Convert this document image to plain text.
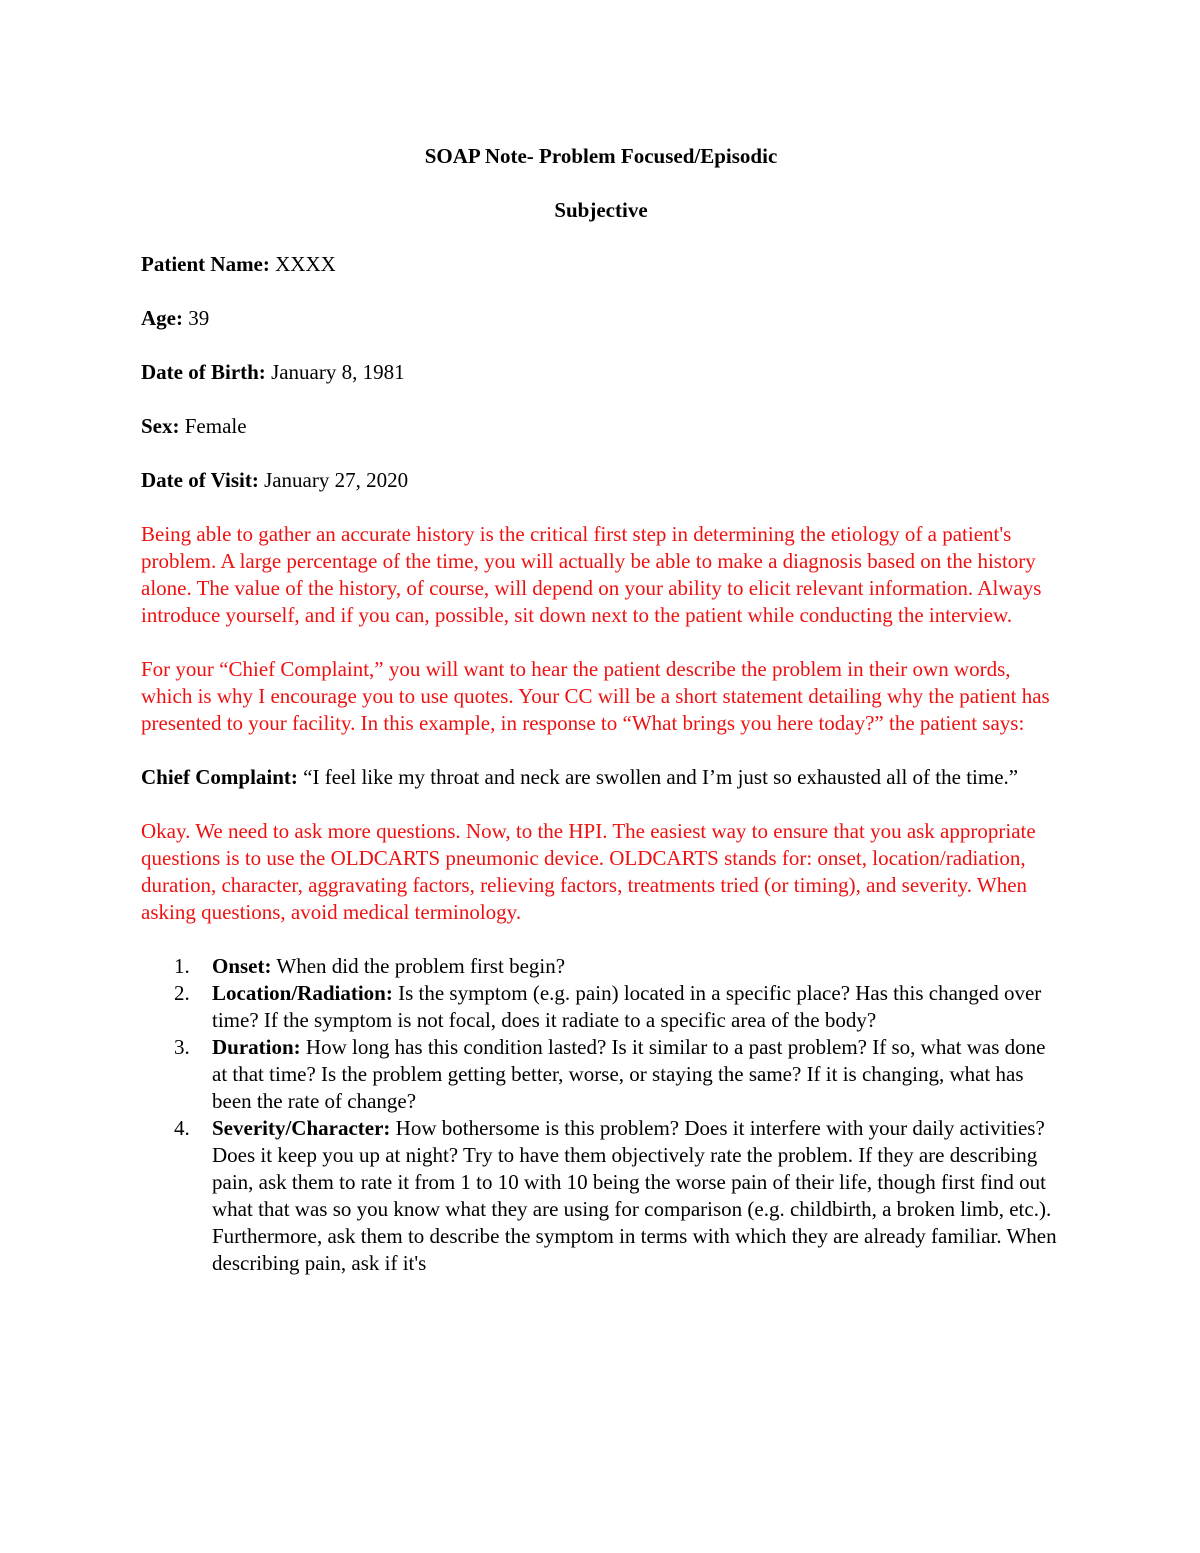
SOAP Note- Problem Focused/Episodic
Subjective
Patient Name: XXXX
Age: 39
Date of Birth: January 8, 1981
Sex: Female
Date of Visit: January 27, 2020
Being able to gather an accurate history is the critical first step in determining the etiology of a patient's problem. A large percentage of the time, you will actually be able to make a diagnosis based on the history alone. The value of the history, of course, will depend on your ability to elicit relevant information. Always introduce yourself, and if you can, possible, sit down next to the patient while conducting the interview.
For your “Chief Complaint,” you will want to hear the patient describe the problem in their own words, which is why I encourage you to use quotes. Your CC will be a short statement detailing why the patient has presented to your facility. In this example, in response to “What brings you here today?” the patient says:
Chief Complaint: “I feel like my throat and neck are swollen and I’m just so exhausted all of the time.”
Okay. We need to ask more questions. Now, to the HPI. The easiest way to ensure that you ask appropriate questions is to use the OLDCARTS pneumonic device. OLDCARTS stands for: onset, location/radiation, duration, character, aggravating factors, relieving factors, treatments tried (or timing), and severity. When asking questions, avoid medical terminology.
1. Onset: When did the problem first begin?
2. Location/Radiation: Is the symptom (e.g. pain) located in a specific place? Has this changed over time? If the symptom is not focal, does it radiate to a specific area of the body?
3. Duration: How long has this condition lasted? Is it similar to a past problem? If so, what was done at that time? Is the problem getting better, worse, or staying the same? If it is changing, what has been the rate of change?
4. Severity/Character: How bothersome is this problem? Does it interfere with your daily activities? Does it keep you up at night? Try to have them objectively rate the problem. If they are describing pain, ask them to rate it from 1 to 10 with 10 being the worse pain of their life, though first find out what that was so you know what they are using for comparison (e.g. childbirth, a broken limb, etc.). Furthermore, ask them to describe the symptom in terms with which they are already familiar. When describing pain, ask if it's
